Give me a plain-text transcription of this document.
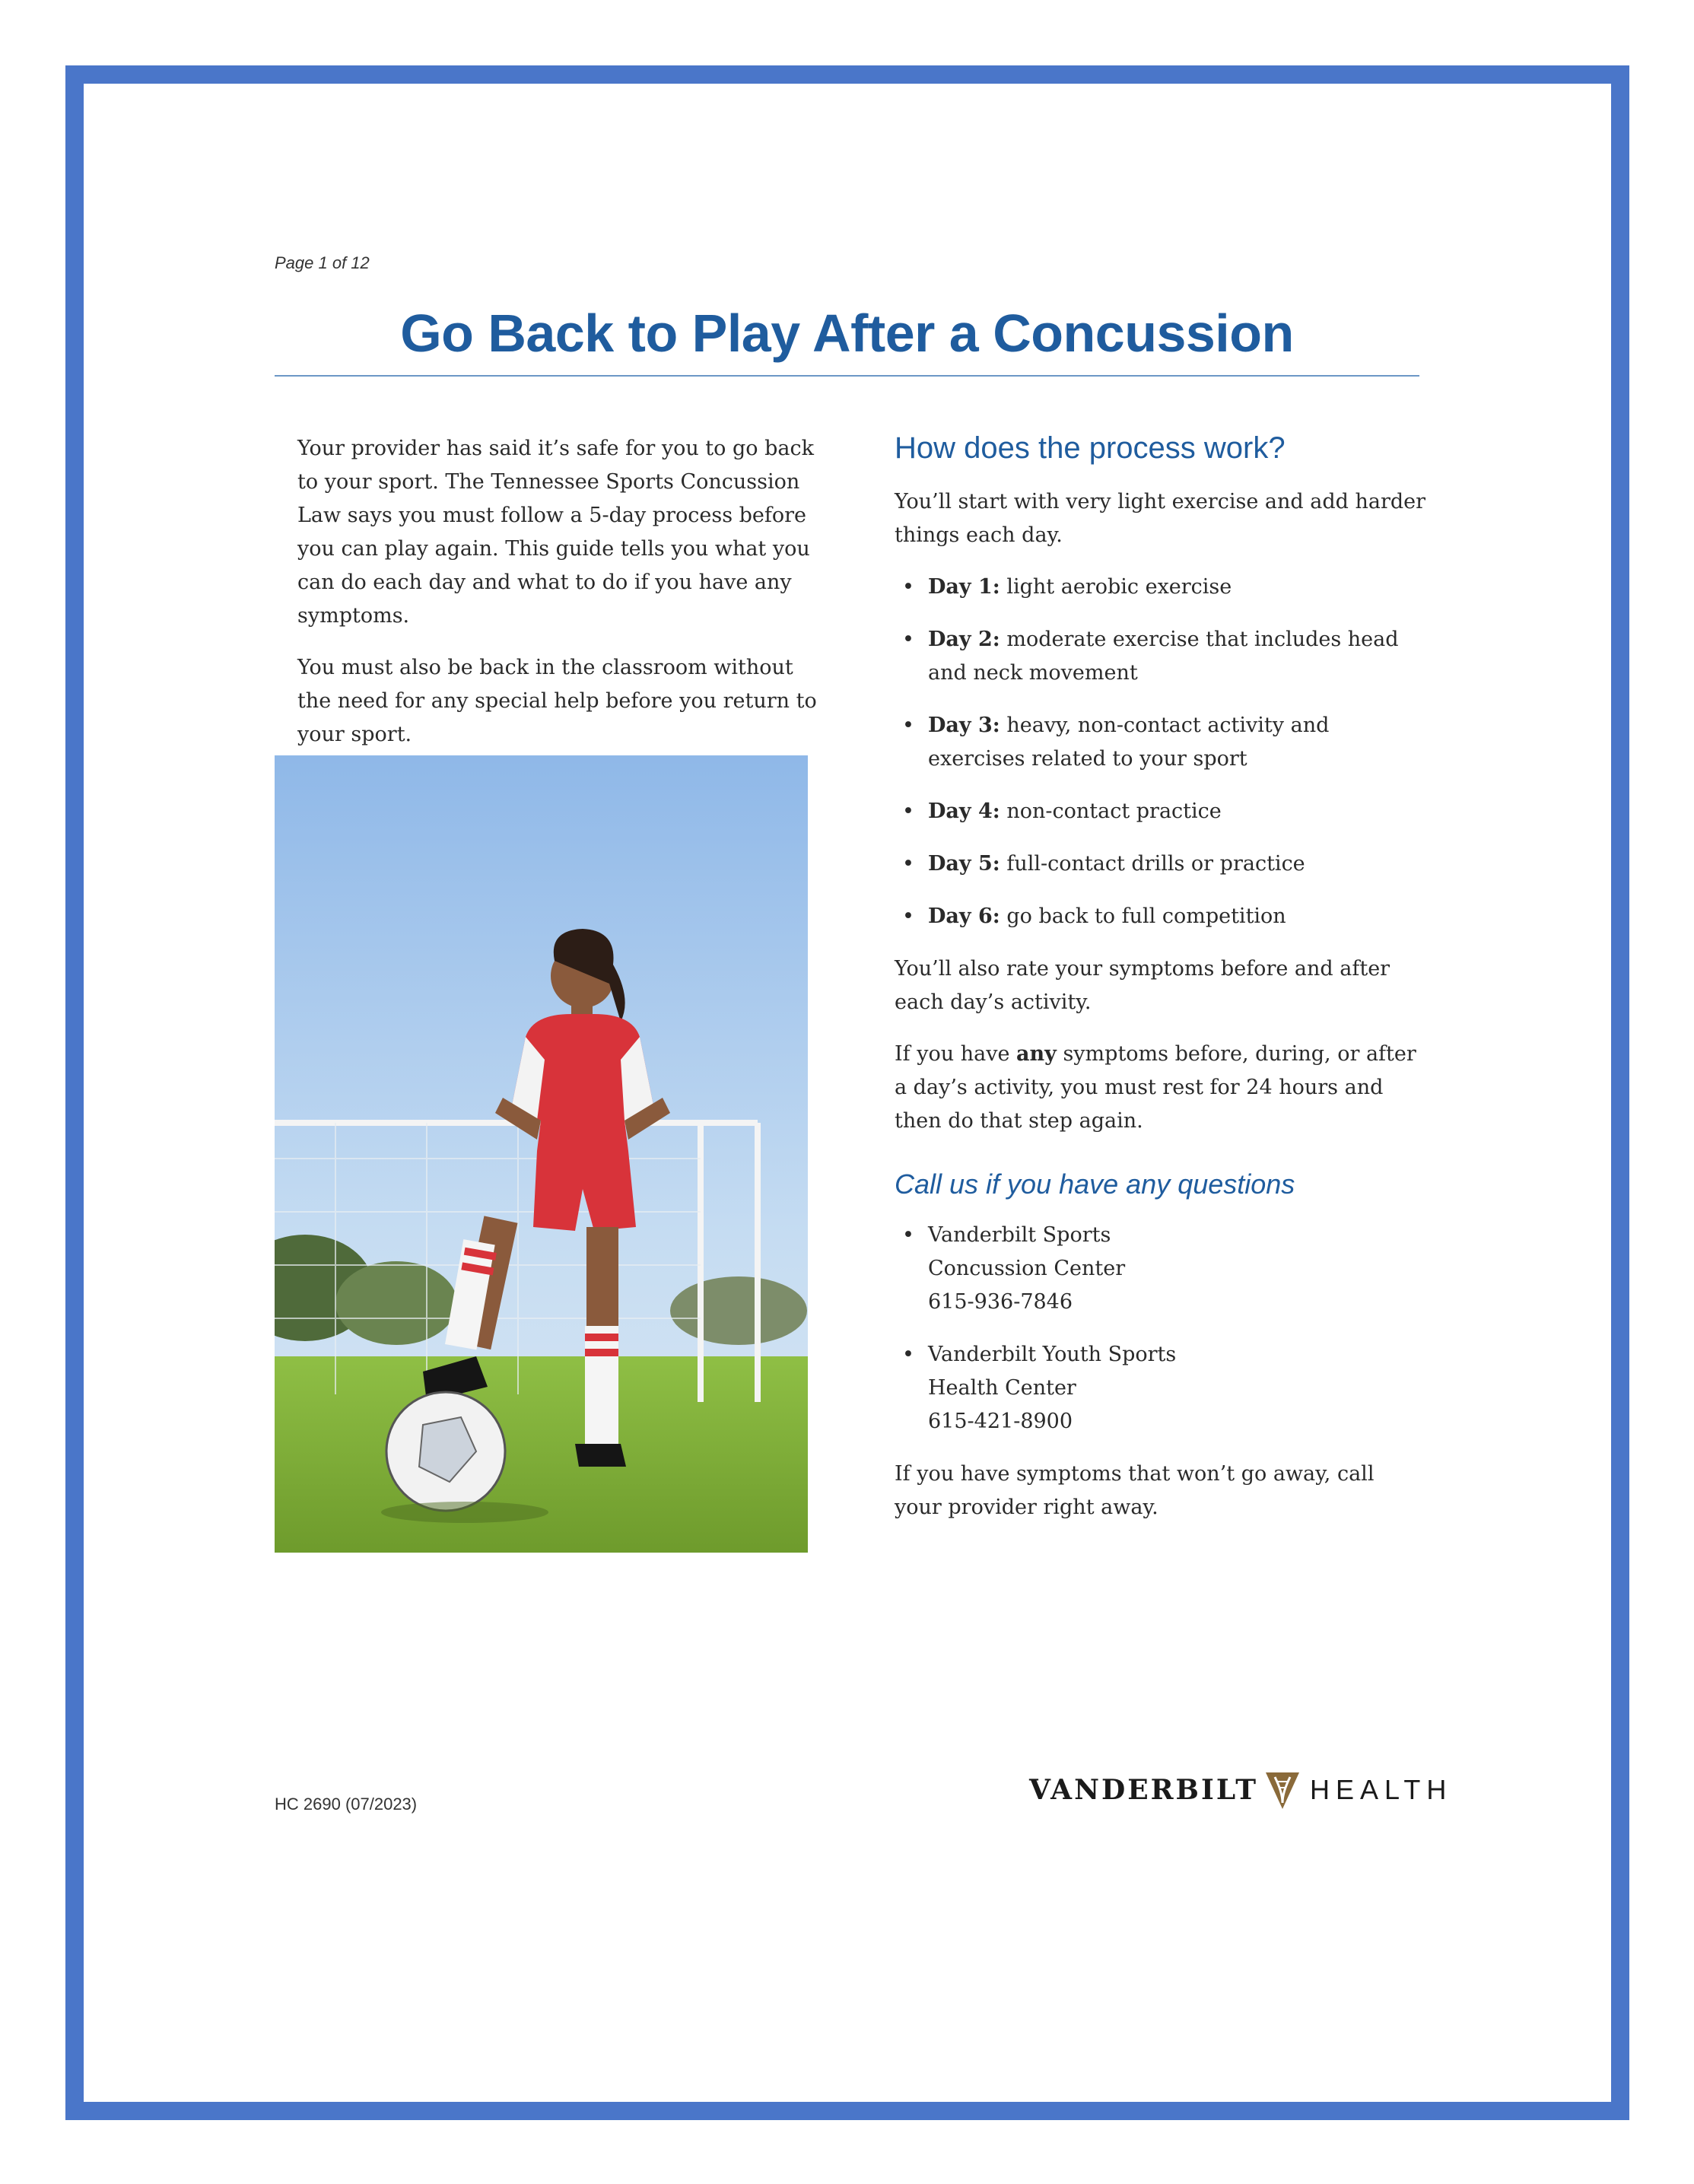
Page 1 of 12
Go Back to Play After a Concussion

Your provider has said it’s safe for you to go back to your sport. The Tennessee Sports Concussion Law says you must follow a 5-day process before you can play again. This guide tells you what you can do each day and what to do if you have any symptoms.

You must also be back in the classroom without the need for any special help before you return to your sport.

How does the process work?

You’ll start with very light exercise and add harder things each day.

• Day 1: light aerobic exercise
• Day 2: moderate exercise that includes head and neck movement
• Day 3: heavy, non-contact activity and exercises related to your sport
• Day 4: non-contact practice
• Day 5: full-contact drills or practice
• Day 6: go back to full competition

You’ll also rate your symptoms before and after each day’s activity.

If you have any symptoms before, during, or after a day’s activity, you must rest for 24 hours and then do that step again.

Call us if you have any questions
• Vanderbilt Sports
Concussion Center
615-936-7846
• Vanderbilt Youth Sports
Health Center
615-421-8900

If you have symptoms that won’t go away, call your provider right away.

HC 2690 (07/2023)	VANDERBILT HEALTH
